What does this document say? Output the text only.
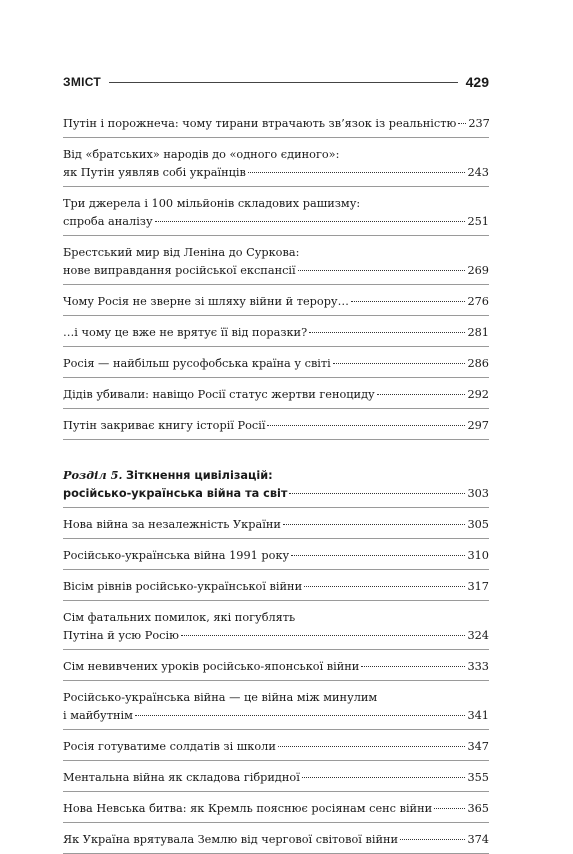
ЗМІСТ	429
Путін і порожнеча: чому тирани втрачають зв’язок із реальністю 237
Від «братських» народів до «одного єдиного»:
як Путін уявляв собі українців	243
Три джерела і 100 мільйонів складових рашизму:
спроба аналізу	251
Брестський мир від Леніна до Суркова:
нове виправдання російської експансії	269
Чому Росія не зверне зі шляху війни й терору…	276
…і чому це вже не врятує її від поразки?	281
Росія — найбільш русофобська країна у світі	286
Дідів убивали: навіщо Росії статус жертви геноциду	292
Путін закриває книгу історії Росії	297
Розділ 5. Зіткнення цивілізацій:
російсько-українська війна та світ	303
Нова війна за незалежність України	305
Російсько-українська війна 1991 року	310
Вісім рівнів російсько-української війни	317
Сім фатальних помилок, які погублять
Путіна й усю Росію	324
Сім невивчених уроків російсько-японської війни	333
Російсько-українська війна — це війна між минулим
і майбутнім	341
Росія готуватиме солдатів зі школи	347
Ментальна війна як складова гібридної	355
Нова Невська битва: як Кремль пояснює росіянам сенс війни	365
Як Україна врятувала Землю від чергової світової війни	374
